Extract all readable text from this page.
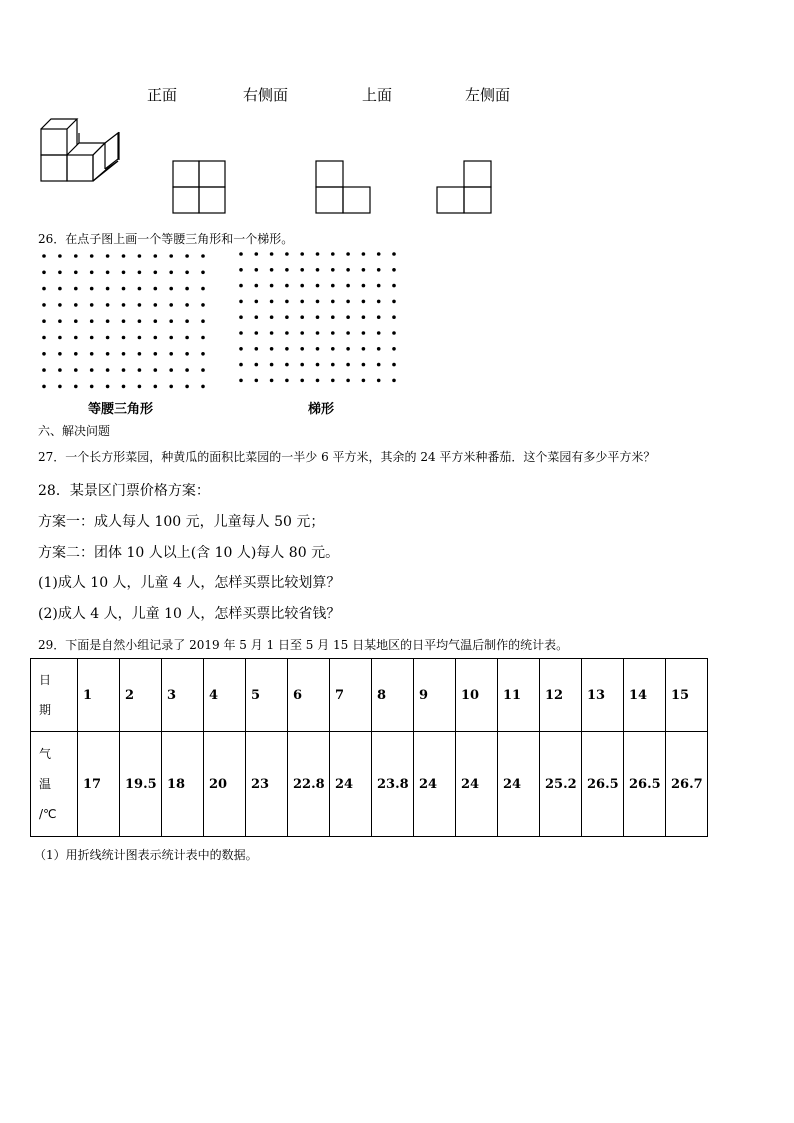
正面	右侧面	上面	左侧面
26．在点子图上画一个等腰三角形和一个梯形。
等腰三角形	梯形
六、解决问题
27．一个长方形菜园，种黄瓜的面积比菜园的一半少 6 平方米，其余的 24 平方米种番茄．这个菜园有多少平方米？
28．某景区门票价格方案：
方案一：成人每人 100 元，儿童每人 50 元；
方案二：团体 10 人以上(含 10 人)每人 80 元。
(1)成人 10 人，儿童 4 人，怎样买票比较划算？
(2)成人 4 人，儿童 10 人，怎样买票比较省钱？
29．下面是自然小组记录了 2019 年 5 月 1 日至 5 月 15 日某地区的日平均气温后制作的统计表。
日
期	1	2	3	4	5	6	7	8	9	10	11	12	13	14	15

气
温
/℃	17	19.5	18	20	23	22.8	24	23.8	24	24	24	25.2	26.5	26.5	26.7
（1）用折线统计图表示统计表中的数据。
